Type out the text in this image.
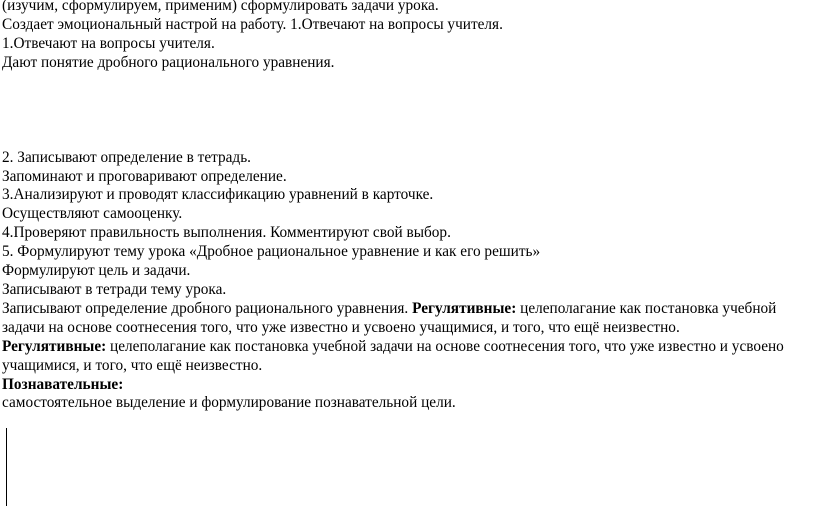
(изучим, сформулируем, применим) сформулировать задачи урока.

Создает эмоциональный настрой на работу. 1.Отвечают на вопросы учителя.

1.Отвечают на вопросы учителя.

Дают понятие дробного рационального уравнения.

2. Записывают определение в тетрадь.

Запоминают и проговаривают определение.

3.Анализируют и проводят классификацию уравнений в карточке.

Осуществляют самооценку.

4.Проверяют правильность выполнения. Комментируют свой выбор.

5. Формулируют тему урока «Дробное рациональное уравнение и как его решить»

Формулируют цель и задачи.

Записывают в тетради тему урока.

Записывают определение дробного рационального уравнения. Регулятивные: целеполагание как постановка учебной задачи на основе соотнесения того, что уже известно и усвоено учащимися, и того, что ещё неизвестно.

Регулятивные: целеполагание как постановка учебной задачи на основе соотнесения того, что уже известно и усвоено учащимися, и того, что ещё неизвестно.

Познавательные:

самостоятельное выделение и формулирование познавательной цели.
